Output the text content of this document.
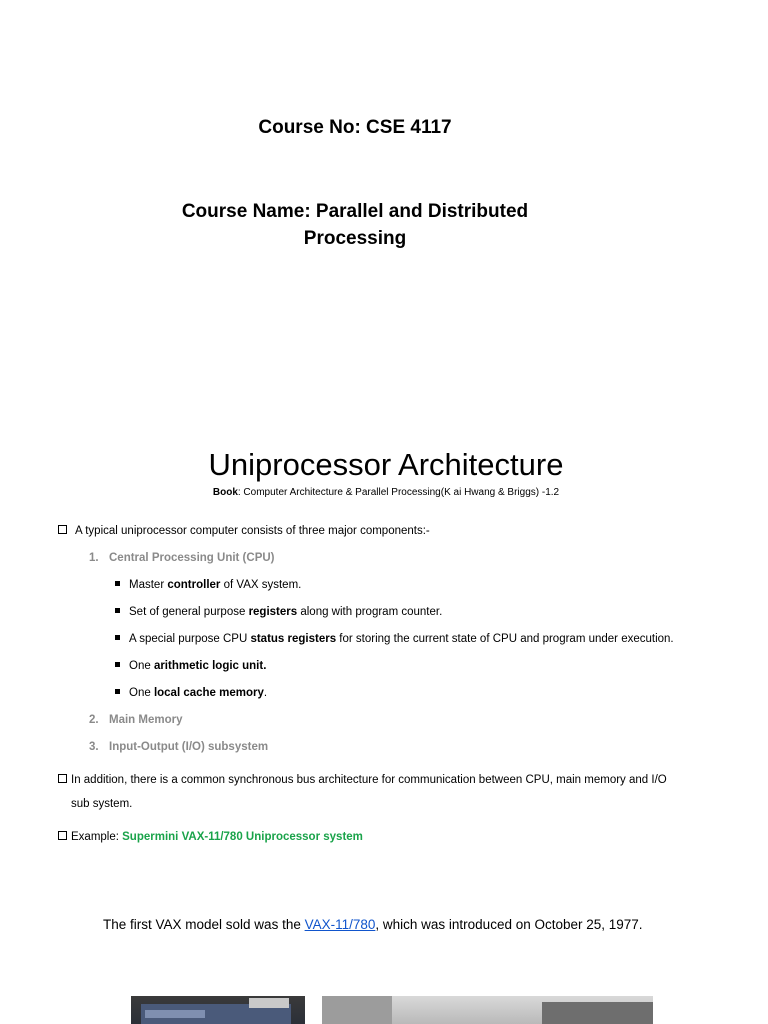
Course No: CSE 4117
Course Name: Parallel and Distributed
Processing
Uniprocessor Architecture
Book: Computer Architecture & Parallel Processing(K ai Hwang & Briggs) -1.2
A typical uniprocessor computer consists of three major components:-
1. Central Processing Unit (CPU)
Master controller of VAX system.
Set of general purpose registers along with program counter.
A special purpose CPU status registers for storing the current state of CPU and program under execution.
One arithmetic logic unit.
One local cache memory.
2. Main Memory
3. Input-Output (I/O) subsystem
In addition, there is a common synchronous bus architecture for communication between CPU, main memory and I/O
sub system.
Example: Supermini VAX-11/780 Uniprocessor system
The first VAX model sold was the VAX-11/780, which was introduced on October 25, 1977.
